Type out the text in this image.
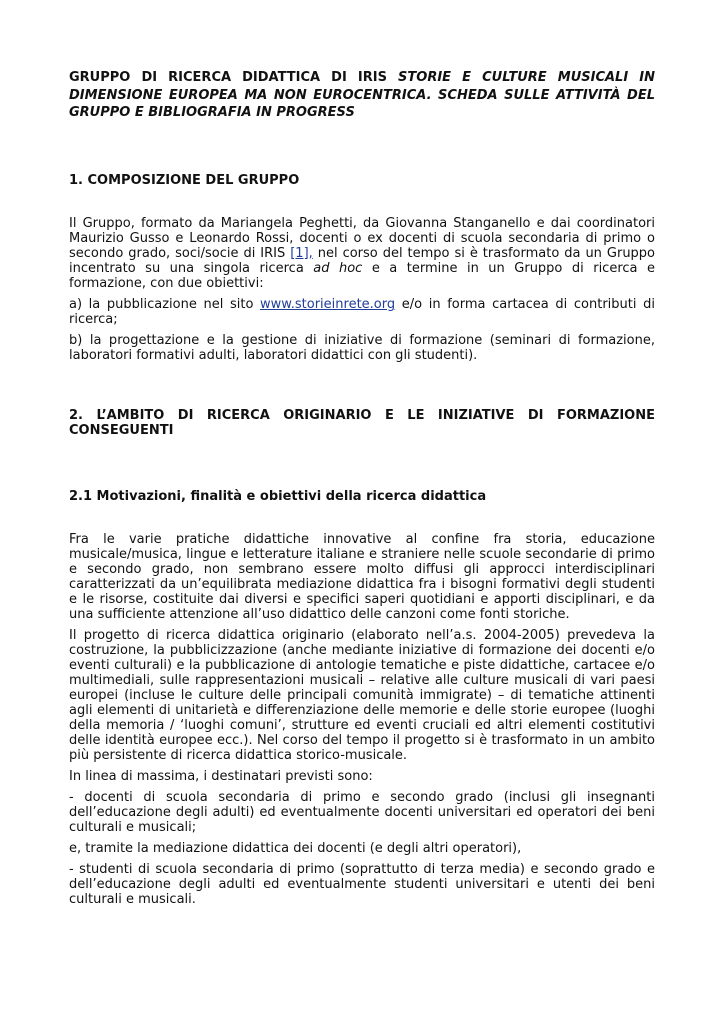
GRUPPO DI RICERCA DIDATTICA DI IRIS STORIE E CULTURE MUSICALI IN DIMENSIONE EUROPEA MA NON EUROCENTRICA. SCHEDA SULLE ATTIVITÀ DEL GRUPPO E BIBLIOGRAFIA IN PROGRESS
1. COMPOSIZIONE DEL GRUPPO

Il Gruppo, formato da Mariangela Peghetti, da Giovanna Stanganello e dai coordinatori Maurizio Gusso e Leonardo Rossi, docenti o ex docenti di scuola secondaria di primo o secondo grado, soci/socie di IRIS [1], nel corso del tempo si è trasformato da un Gruppo incentrato su una singola ricerca ad hoc e a termine in un Gruppo di ricerca e formazione, con due obiettivi:

a) la pubblicazione nel sito www.storieinrete.org e/o in forma cartacea di contributi di ricerca;

b) la progettazione e la gestione di iniziative di formazione (seminari di formazione, laboratori formativi adulti, laboratori didattici con gli studenti).

2. L’AMBITO DI RICERCA ORIGINARIO E LE INIZIATIVE DI FORMAZIONE
CONSEGUENTI
2.1 Motivazioni, finalità e obiettivi della ricerca didattica

Fra le varie pratiche didattiche innovative al confine fra storia, educazione musicale/musica, lingue e letterature italiane e straniere nelle scuole secondarie di primo e secondo grado, non sembrano essere molto diffusi gli approcci interdisciplinari caratterizzati da un’equilibrata mediazione didattica fra i bisogni formativi degli studenti e le risorse, costituite dai diversi e specifici saperi quotidiani e apporti disciplinari, e da una sufficiente attenzione all’uso didattico delle canzoni come fonti storiche.

Il progetto di ricerca didattica originario (elaborato nell’a.s. 2004-2005) prevedeva la costruzione, la pubblicizzazione (anche mediante iniziative di formazione dei docenti e/o eventi culturali) e la pubblicazione di antologie tematiche e piste didattiche, cartacee e/o multimediali, sulle rappresentazioni musicali – relative alle culture musicali di vari paesi europei (incluse le culture delle principali comunità immigrate) – di tematiche attinenti agli elementi di unitarietà e differenziazione delle memorie e delle storie europee (luoghi della memoria / ‘luoghi comuni’, strutture ed eventi cruciali ed altri elementi costitutivi delle identità europee ecc.). Nel corso del tempo il progetto si è trasformato in un ambito più persistente di ricerca didattica storico-musicale.

In linea di massima, i destinatari previsti sono:

- docenti di scuola secondaria di primo e secondo grado (inclusi gli insegnanti dell’educazione degli adulti) ed eventualmente docenti universitari ed operatori dei beni culturali e musicali;

e, tramite la mediazione didattica dei docenti (e degli altri operatori),

- studenti di scuola secondaria di primo (soprattutto di terza media) e secondo grado e dell’educazione degli adulti ed eventualmente studenti universitari e utenti dei beni culturali e musicali.
